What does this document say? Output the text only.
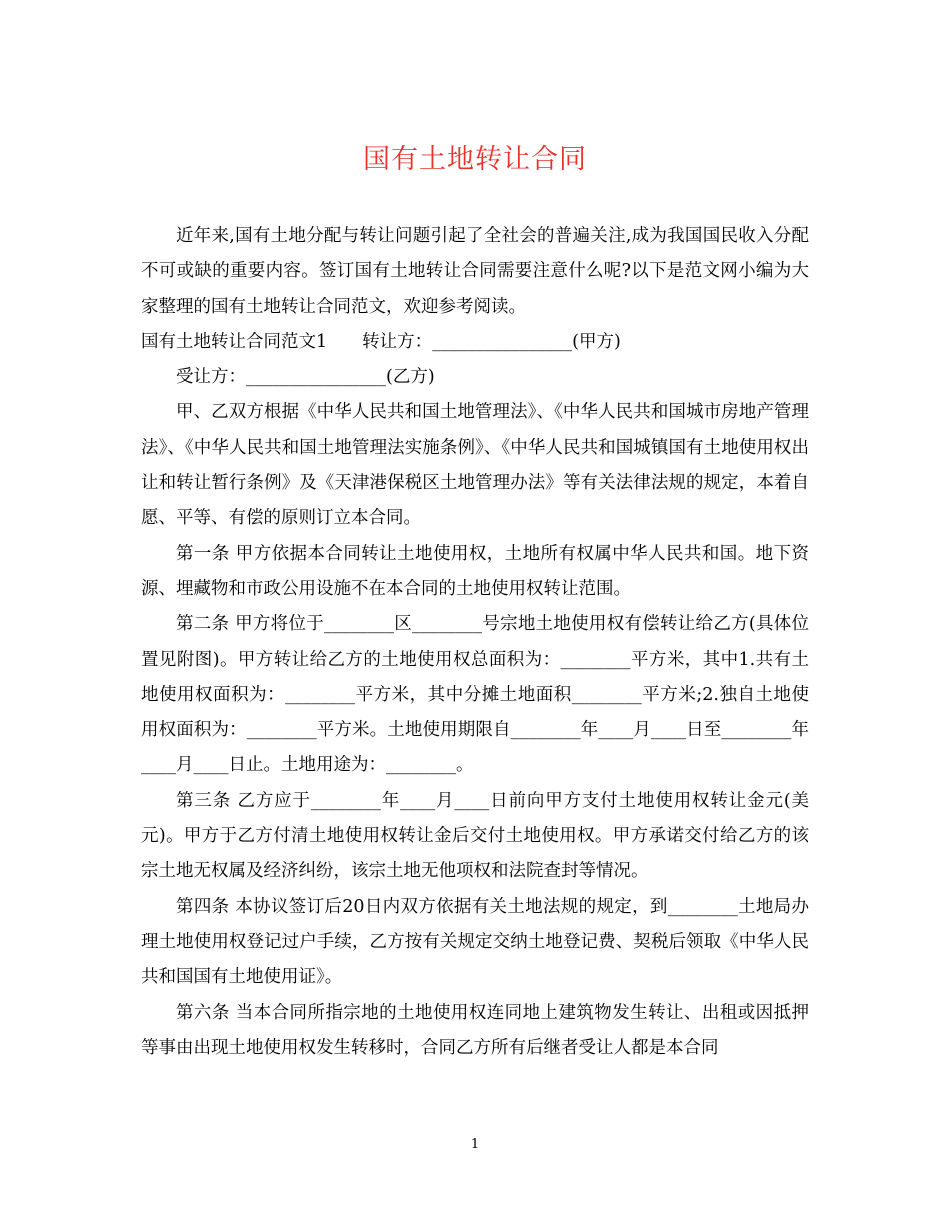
国有土地转让合同

近年来,国有土地分配与转让问题引起了全社会的普遍关注,成为我国国民收入分配不可或缺的重要内容。签订国有土地转让合同需要注意什么呢?以下是范文网小编为大家整理的国有土地转让合同范文，欢迎参考阅读。

国有土地转让合同范文1　　转让方：________________(甲方)

受让方：________________(乙方)

甲、乙双方根据《中华人民共和国土地管理法》、《中华人民共和国城市房地产管理法》、《中华人民共和国土地管理法实施条例》、《中华人民共和国城镇国有土地使用权出让和转让暂行条例》及《天津港保税区土地管理办法》等有关法律法规的规定，本着自愿、平等、有偿的原则订立本合同。

第一条 甲方依据本合同转让土地使用权，土地所有权属中华人民共和国。地下资源、埋藏物和市政公用设施不在本合同的土地使用权转让范围。

第二条 甲方将位于________区________号宗地土地使用权有偿转让给乙方(具体位置见附图)。甲方转让给乙方的土地使用权总面积为：________平方米，其中1.共有土地使用权面积为：________平方米，其中分摊土地面积________平方米;2.独自土地使用权面积为：________平方米。土地使用期限自________年____月____日至________年____月____日止。土地用途为：________。

第三条 乙方应于________年____月____日前向甲方支付土地使用权转让金元(美元)。甲方于乙方付清土地使用权转让金后交付土地使用权。甲方承诺交付给乙方的该宗土地无权属及经济纠纷，该宗土地无他项权和法院查封等情况。

第四条 本协议签订后20日内双方依据有关土地法规的规定，到________土地局办理土地使用权登记过户手续，乙方按有关规定交纳土地登记费、契税后领取《中华人民共和国国有土地使用证》。

第六条 当本合同所指宗地的土地使用权连同地上建筑物发生转让、出租或因抵押等事由出现土地使用权发生转移时，合同乙方所有后继者受让人都是本合同

1
